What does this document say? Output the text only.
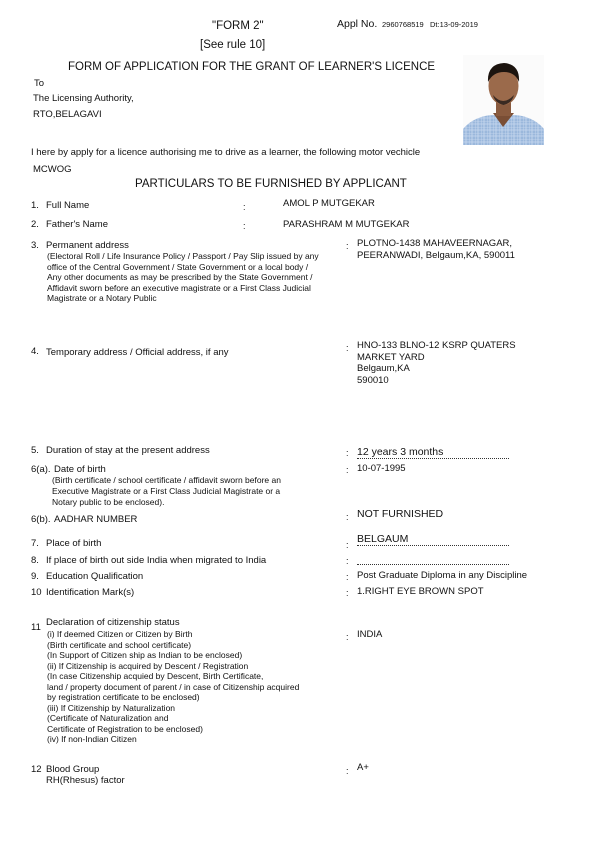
"FORM 2"
[See rule 10]
Appl No. 2960768519 Dt:13-09-2019
FORM OF APPLICATION FOR THE GRANT OF LEARNER'S LICENCE
To
The Licensing Authority,
RTO,BELAGAVI
I here by apply for a licence authorising me to drive as a learner, the following motor vechicle
MCWOG
PARTICULARS TO BE FURNISHED BY APPLICANT
1. Full Name	:	AMOL P MUTGEKAR
2. Father's Name	:	PARASHRAM M MUTGEKAR
3. Permanent address
(Electoral Roll / Life Insurance Policy / Passport / Pay Slip issued by any
office of the Central Government / State Government or a local body /
Any other documents as may be prescribed by the State Government /
Affidavit sworn before an executive magistrate or a First Class Judicial
Magistrate or a Notary Public
: PLOTNO-1438 MAHAVEERNAGAR,
PEERANWADI, Belgaum,KA, 590011
4. Temporary address / Official address, if any	: HNO-133 BLNO-12 KSRP QUATERS
MARKET YARD
Belgaum,KA
590010
5. Duration of stay at the present address	: 12 years 3 months
6(a). Date of birth
(Birth certificate / school certificate / affidavit sworn before an
Executive Magistrate or a First Class Judicial Magistrate or a
Notary public to be enclosed).
: 10-07-1995
6(b). AADHAR NUMBER	: NOT FURNISHED
7. Place of birth	: BELGAUM
8. If place of birth out side India when migrated to India	:
9. Education Qualification	: Post Graduate Diploma in any Discipline
10 Identification Mark(s)	: 1.RIGHT EYE BROWN SPOT
11 Declaration of citizenship status
(i) If deemed Citizen or Citizen by Birth
(Birth certificate and school certificate)
(In Support of Citizen ship as Indian to be enclosed)
(ii) If Citizenship is acquired by Descent / Registration
(In case Citizenship acquied by Descent, Birth Certificate,
land / property document of parent / in case of Citizenship acquired
by registration certificate to be enclosed)
(iii) If Citizenship by Naturalization
(Certificate of Naturalization and
Certificate of Registration to be enclosed)
(iv) If non-Indian Citizen
: INDIA
12 Blood Group
RH(Rhesus) factor
: A+
